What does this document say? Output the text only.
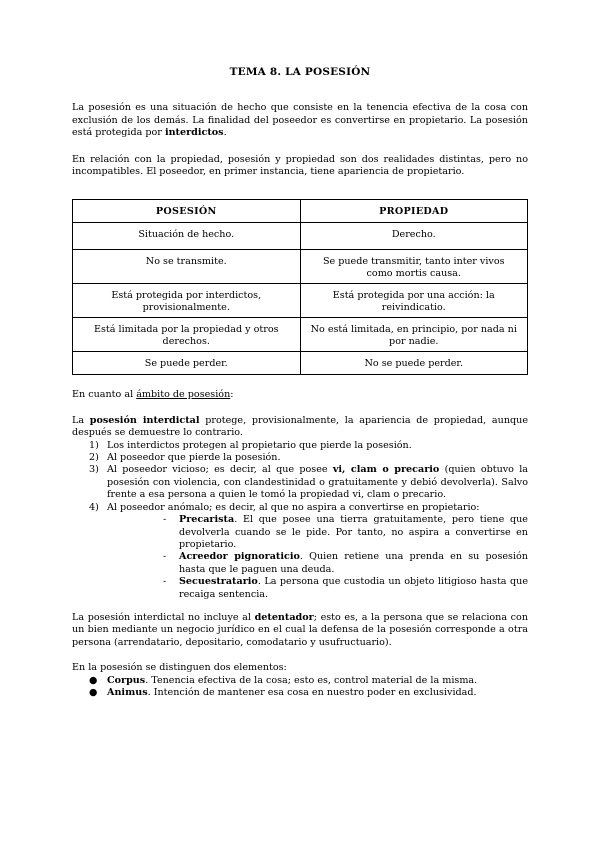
TEMA 8. LA POSESIÓN

La posesión es una situación de hecho que consiste en la tenencia efectiva de la cosa con exclusión de los demás. La finalidad del poseedor es convertirse en propietario. La posesión está protegida por interdictos.

En relación con la propiedad, posesión y propiedad son dos realidades distintas, pero no incompatibles. El poseedor, en primer instancia, tiene apariencia de propietario.

POSESIÓN	PROPIEDAD
Situación de hecho.	Derecho.
No se transmite.	Se puede transmitir, tanto inter vivos como mortis causa.
Está protegida por interdictos, provisionalmente.	Está protegida por una acción: la reivindicatio.
Está limitada por la propiedad y otros derechos.	No está limitada, en principio, por nada ni por nadie.
Se puede perder.	No se puede perder.

En cuanto al ámbito de posesión:

La posesión interdictal protege, provisionalmente, la apariencia de propiedad, aunque después se demuestre lo contrario.

1) Los interdictos protegen al propietario que pierde la posesión.
2) Al poseedor que pierde la posesión.
3) Al poseedor vicioso; es decir, al que posee vi, clam o precario (quien obtuvo la posesión con violencia, con clandestinidad o gratuitamente y debió devolverla). Salvo frente a esa persona a quien le tomó la propiedad vi, clam o precario.
4) Al poseedor anómalo; es decir, al que no aspira a convertirse en propietario:
- Precarista. El que posee una tierra gratuitamente, pero tiene que devolverla cuando se le pide. Por tanto, no aspira a convertirse en propietario.
- Acreedor pignoraticio. Quien retiene una prenda en su posesión hasta que le paguen una deuda.
- Secuestratario. La persona que custodia un objeto litigioso hasta que recaiga sentencia.

La posesión interdictal no incluye al detentador; esto es, a la persona que se relaciona con un bien mediante un negocio jurídico en el cual la defensa de la posesión corresponde a otra persona (arrendatario, depositario, comodatario y usufructuario).

En la posesión se distinguen dos elementos:

● Corpus. Tenencia efectiva de la cosa; esto es, control material de la misma.
● Animus. Intención de mantener esa cosa en nuestro poder en exclusividad.
